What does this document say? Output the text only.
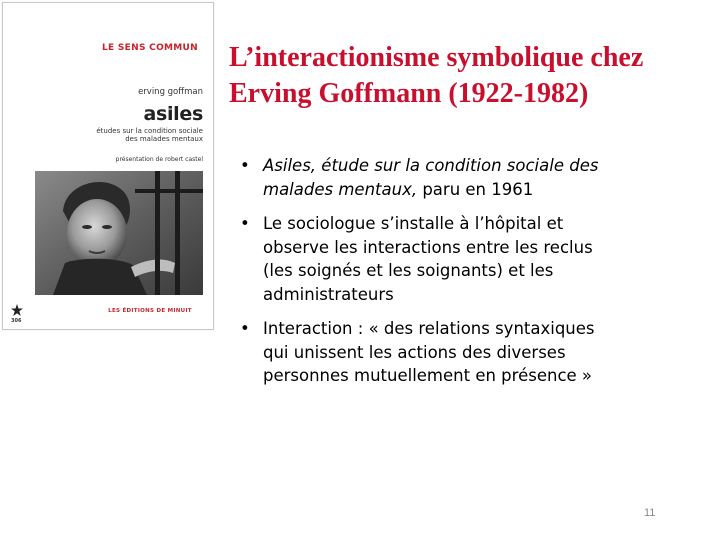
LE SENS COMMUN
erving goffman
asiles
études sur la condition sociale
des malades mentaux
présentation de robert castel
306
LES ÉDITIONS DE MINUIT
L’interactionisme symbolique chez
Erving Goffmann (1922-1982)
• Asiles, étude sur la condition sociale des
malades mentaux, paru en 1961
• Le sociologue s’installe à l’hôpital et
observe les interactions entre les reclus
(les soignés et les soignants) et les
administrateurs
• Interaction : « des relations syntaxiques
qui unissent les actions des diverses
personnes mutuellement en présence »
11
